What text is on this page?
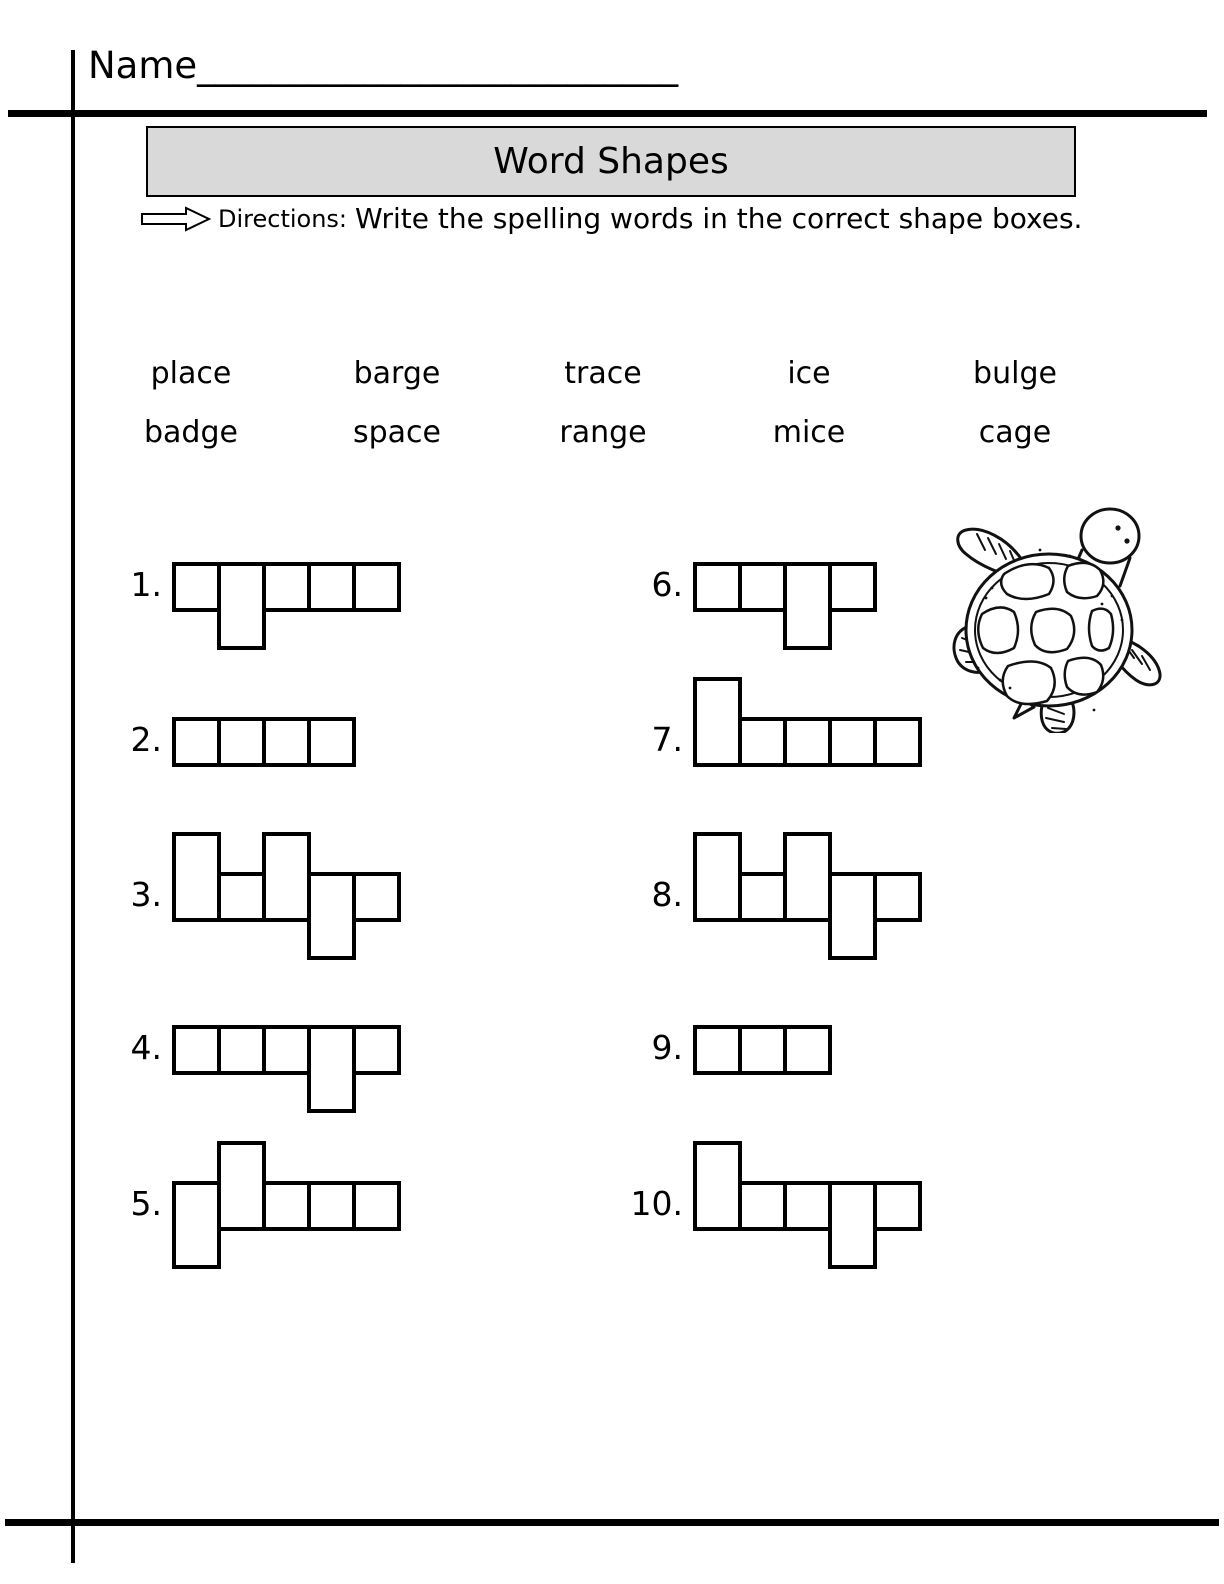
Name__________________________
Word Shapes
Directions: Write the spelling words in the correct shape boxes.
place	barge	trace	ice	bulge
badge	space	range	mice	cage
1.
2.
3.
4.
5.
6.
7.
8.
9.
10.
